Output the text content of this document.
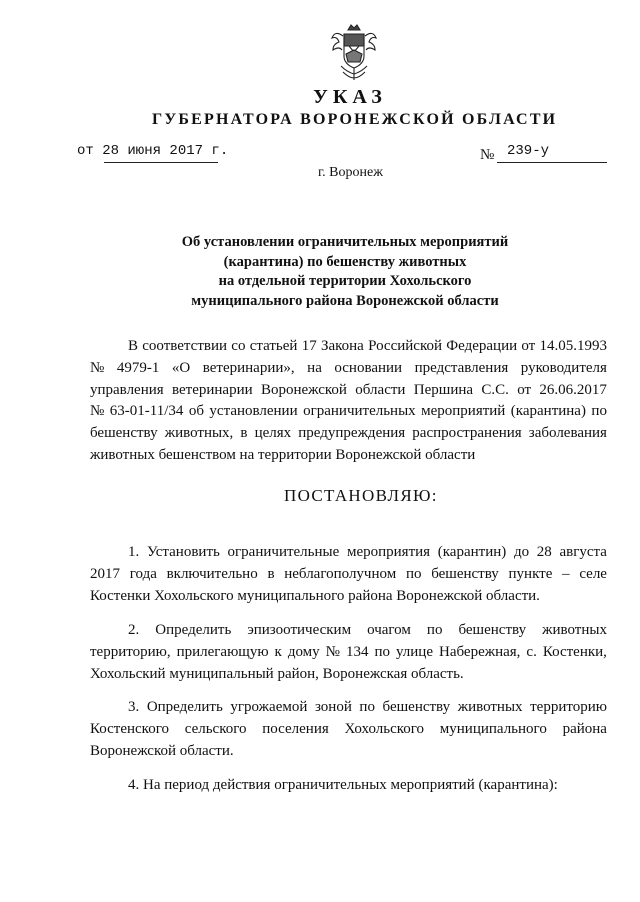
УКАЗ
ГУБЕРНАТОРА ВОРОНЕЖСКОЙ ОБЛАСТИ
от 28 июня 2017 г.	№ 239-у
г. Воронеж
Об установлении ограничительных мероприятий
(карантина) по бешенству животных
на отдельной территории Хохольского
муниципального района Воронежской области
В соответствии со статьей 17 Закона Российской Федерации от 14.05.1993
№ 4979-1 «О ветеринарии», на основании представления руководителя
управления ветеринарии Воронежской области Першина С.С. от 26.06.2017
№ 63-01-11/34 об установлении ограничительных мероприятий (карантина) по
бешенству животных, в целях предупреждения распространения заболевания
животных бешенством на территории Воронежской области
ПОСТАНОВЛЯЮ:
1. Установить ограничительные мероприятия (карантин) до 28 августа
2017 года включительно в неблагополучном по бешенству пункте – селе
Костенки Хохольского муниципального района Воронежской области.
2. Определить эпизоотическим очагом по бешенству животных
территорию, прилегающую к дому № 134 по улице Набережная, с. Костенки,
Хохольский муниципальный район, Воронежская область.
3. Определить угрожаемой зоной по бешенству животных территорию
Костенского сельского поселения Хохольского муниципального района
Воронежской области.
4. На период действия ограничительных мероприятий (карантина):
